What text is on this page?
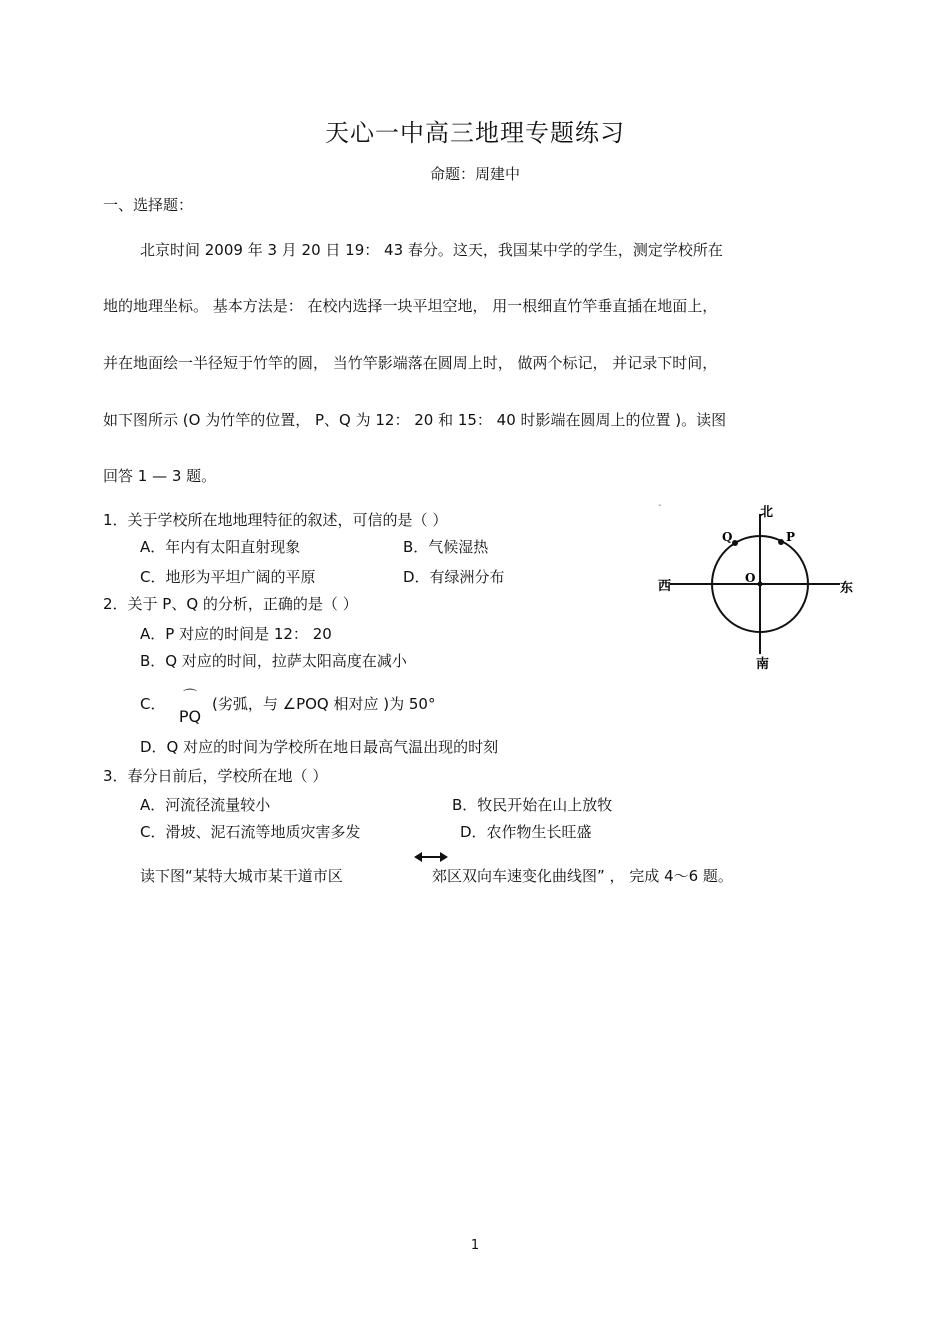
天心一中高三地理专题练习
命题：周建中
一、选择题：
北京时间 2009 年 3 月 20 日 19： 43 春分。这天，我国某中学的学生，测定学校所在
地的地理坐标。 基本方法是： 在校内选择一块平坦空地， 用一根细直竹竿垂直插在地面上，
并在地面绘一半径短于竹竿的圆， 当竹竿影端落在圆周上时， 做两个标记， 并记录下时间，
如下图所示 (O 为竹竿的位置， P、Q 为 12： 20 和 15： 40 时影端在圆周上的位置 )。读图
回答 1 — 3 题。
1．关于学校所在地地理特征的叙述，可信的是（ ）
A．年内有太阳直射现象	B．气候湿热
C．地形为平坦广阔的平原	D．有绿洲分布
2．关于 P、Q 的分析，正确的是（ ）
A．P 对应的时间是 12： 20
B．Q 对应的时间，拉萨太阳高度在减小
C．	⌒
PQ
(劣弧，与 ∠POQ 相对应 )为 50°
D．Q 对应的时间为学校所在地日最高气温出现的时刻
3．春分日前后，学校所在地（ ）
A．河流径流量较小	B．牧民开始在山上放牧
C．滑坡、泥石流等地质灾害多发	D．农作物生长旺盛
读下图“某特大城市某干道市区	郊区双向车速变化曲线图” ， 完成 4～6 题。
北
南
西	东
O
Q	P
-
1
